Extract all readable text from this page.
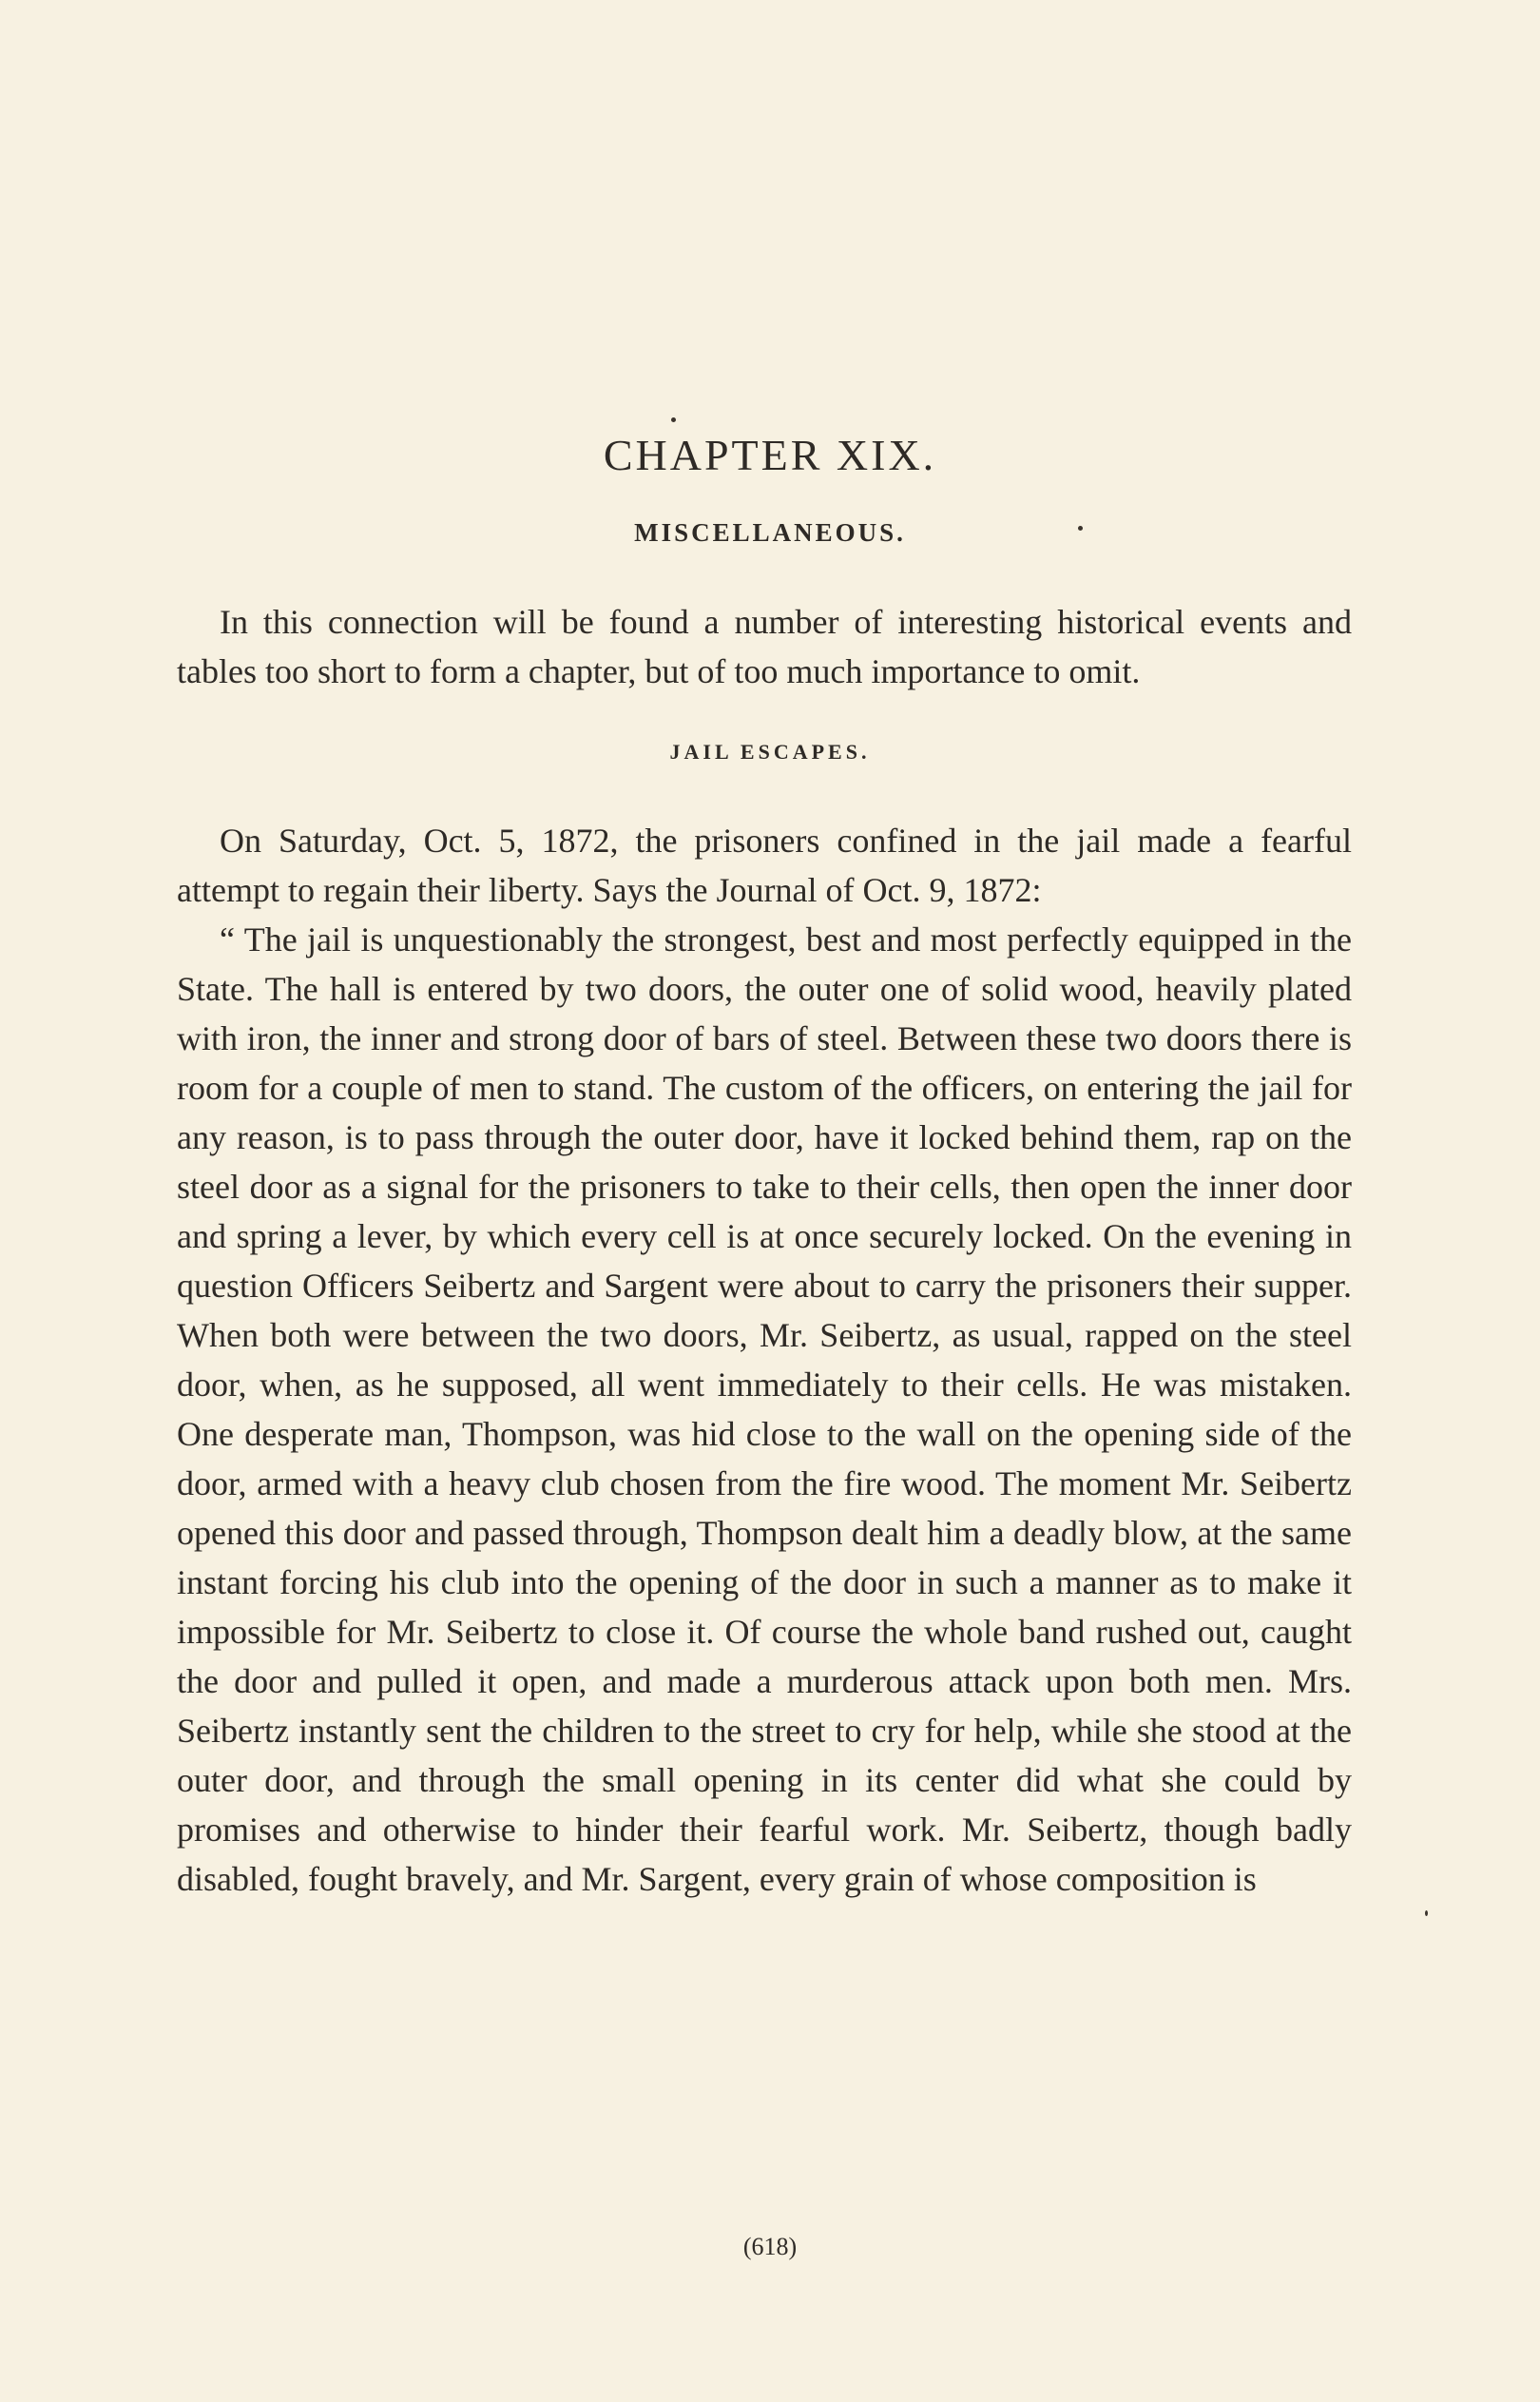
CHAPTER XIX.
MISCELLANEOUS.

In this connection will be found a number of interesting historical events and tables too short to form a chapter, but of too much importance to omit.

JAIL ESCAPES.

On Saturday, Oct. 5, 1872, the prisoners confined in the jail made a fearful attempt to regain their liberty. Says the Journal of Oct. 9, 1872:

“ The jail is unquestionably the strongest, best and most perfectly equipped in the State. The hall is entered by two doors, the outer one of solid wood, heavily plated with iron, the inner and strong door of bars of steel. Between these two doors there is room for a couple of men to stand. The custom of the officers, on entering the jail for any reason, is to pass through the outer door, have it locked behind them, rap on the steel door as a signal for the prisoners to take to their cells, then open the inner door and spring a lever, by which every cell is at once securely locked. On the evening in question Officers Seibertz and Sargent were about to carry the prisoners their supper. When both were between the two doors, Mr. Seibertz, as usual, rapped on the steel door, when, as he supposed, all went immediately to their cells. He was mistaken. One desperate man, Thompson, was hid close to the wall on the opening side of the door, armed with a heavy club chosen from the fire wood. The moment Mr. Seibertz opened this door and passed through, Thompson dealt him a deadly blow, at the same instant forcing his club into the opening of the door in such a manner as to make it impossible for Mr. Seibertz to close it. Of course the whole band rushed out, caught the door and pulled it open, and made a murderous attack upon both men. Mrs. Seibertz instantly sent the children to the street to cry for help, while she stood at the outer door, and through the small opening in its center did what she could by promises and otherwise to hinder their fearful work. Mr. Seibertz, though badly disabled, fought bravely, and Mr. Sargent, every grain of whose composition is

(618)
